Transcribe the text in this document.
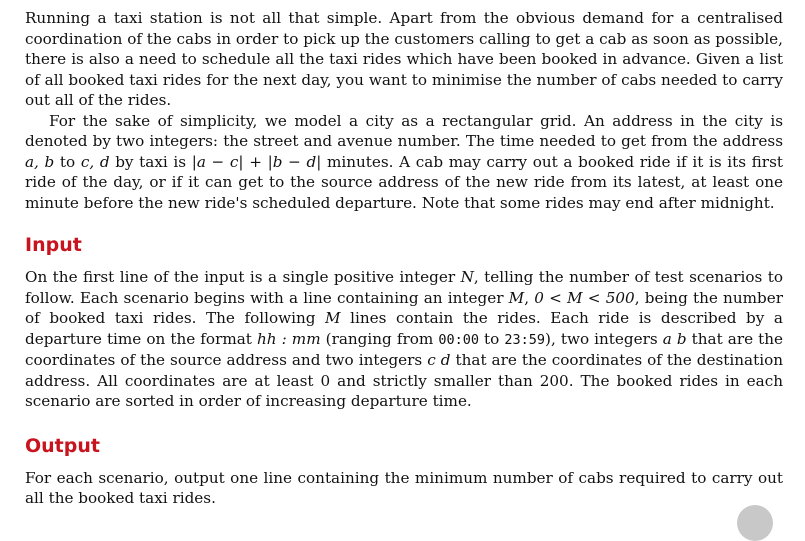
Running a taxi station is not all that simple. Apart from the obvious demand for a centralised coordination of the cabs in order to pick up the customers calling to get a cab as soon as possible, there is also a need to schedule all the taxi rides which have been booked in advance. Given a list of all booked taxi rides for the next day, you want to minimise the number of cabs needed to carry out all of the rides.

For the sake of simplicity, we model a city as a rectangular grid. An address in the city is denoted by two integers: the street and avenue number. The time needed to get from the address a, b to c, d by taxi is |a − c| + |b − d| minutes. A cab may carry out a booked ride if it is its first ride of the day, or if it can get to the source address of the new ride from its latest, at least one minute before the new ride's scheduled departure. Note that some rides may end after midnight.

Input

On the first line of the input is a single positive integer N, telling the number of test scenarios to follow. Each scenario begins with a line containing an integer M, 0 < M < 500, being the number of booked taxi rides. The following M lines contain the rides. Each ride is described by a departure time on the format hh : mm (ranging from 00:00 to 23:59), two integers a b that are the coordinates of the source address and two integers c d that are the coordinates of the destination address. All coordinates are at least 0 and strictly smaller than 200. The booked rides in each scenario are sorted in order of increasing departure time.

Output

For each scenario, output one line containing the minimum number of cabs required to carry out all the booked taxi rides.
